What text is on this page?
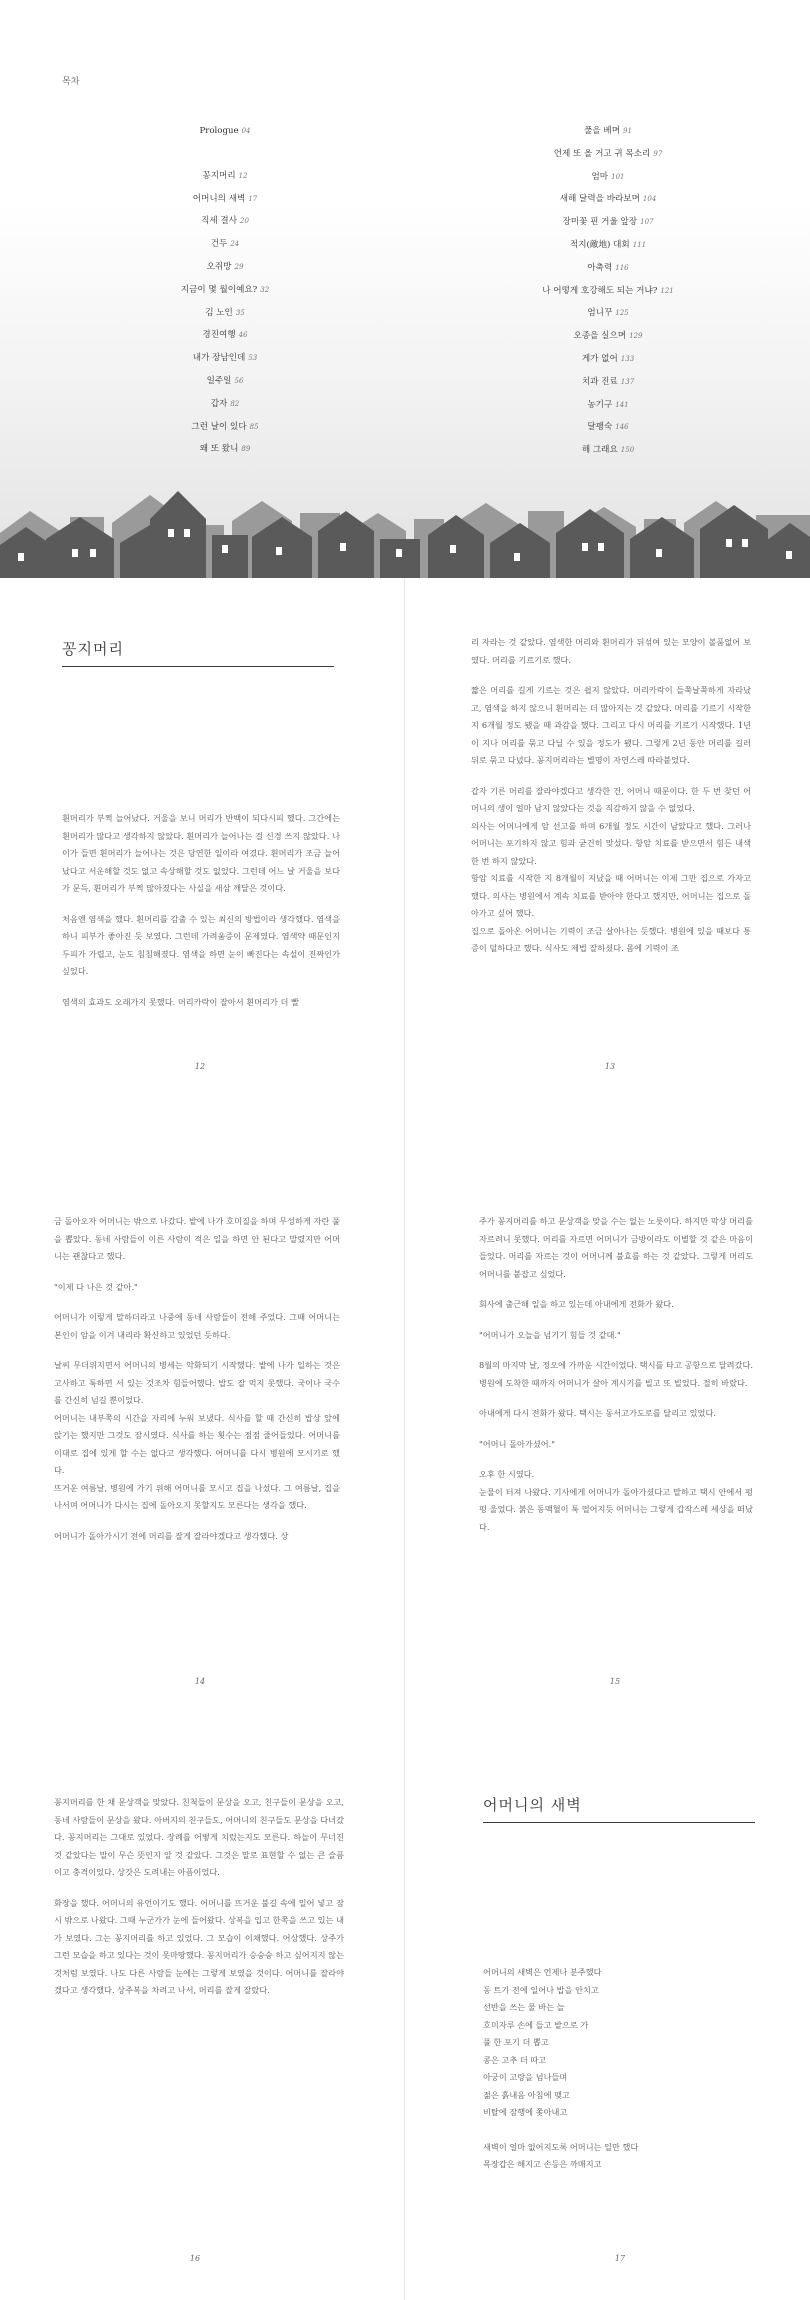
목차
Prologue 04
꽁지머리 12
어머니의 새벽 17
직세 결사 20
건두 24
오쥐방 29
지금이 몇 월이예요? 32
김 노인 35
경진여행 46
내가 장남인데 53
일주일 56
갑자 82
그런 날이 있다 85
왜 또 왔니 89
풀을 베며 91
언제 또 올 거고 귀 목소리 97
엄마 101
새해 달력을 바라보며 104
장미꽃 핀 거울 앞장 107
적지(敵地) 대회 111
아축력 116
나 어떻게 호강해도 되는 거냐? 121
엄니꾸 125
오종을 실으며 129
게가 없어 133
치과 진료 137
농기구 141
달팽숙 146
해 그래요 150
꽁지머리

흰머리가 부쩍 늘어났다. 거울을 보니 머리가 반백이 되다시피 했다. 그간에는 흰머리가 많다고 생각하지 않았다. 흰머리가 늘어나는 걸 신경 쓰지 않았다. 나이가 들면 흰머리가 늘어나는 것은 당연한 일이라 여겼다. 흰머리가 조금 늘어났다고 서운해할 것도 없고 속상해할 것도 없었다. 그런데 어느 날 거울을 보다가 문득, 흰머리가 부쩍 많아졌다는 사실을 새삼 깨달은 것이다.

처음엔 염색을 했다. 흰머리를 감출 수 있는 최신의 방법이라 생각했다. 염색을 하니 피부가 좋아진 듯 보였다. 그런데 가려움증이 문제였다. 염색약 때문인지 두피가 가렵고, 눈도 침침해졌다. 염색을 하면 눈이 빠진다는 속설이 진짜인가 싶었다.

염색의 효과도 오래가지 못했다. 머리카락이 잘아서 흰머리가 더 빨

12

리 자라는 것 같았다. 염색한 머리와 흰머리가 뒤섞여 있는 모양이 볼품없어 보였다. 머리를 기르기로 했다.

짧은 머리를 길게 기르는 것은 쉽지 않았다. 머리카락이 들쭉날쭉하게 자라났고, 염색을 하지 않으니 흰머리는 더 많아지는 것 같았다. 머리를 기르기 시작한 지 6개월 정도 됐을 때 과감을 했다. 그리고 다시 머리를 기르기 시작했다. 1년이 지나 머리를 묶고 다닐 수 있을 정도가 됐다. 그렇게 2년 동안 머리를 길러 뒤로 묶고 다녔다. 꽁지머리라는 별명이 자연스레 따라붙었다.

갑자 기른 머리를 잘라야겠다고 생각한 건, 어머니 때문이다. 한 두 번 찾던 어머니의 생이 얼마 남지 않았다는 것을 직감하지 않을 수 없었다.

의사는 어머니에게 암 선고를 하며 6개월 정도 시간이 남았다고 했다. 그러나 어머니는 포기하지 않고 힘과 굳건히 맞섰다. 항암 치료를 받으면서 힘든 내색 한 번 하지 않았다.

항암 치료를 시작한 지 8개월이 지났을 때 어머니는 이제 그만 집으로 가자고 했다. 의사는 병원에서 계속 치료를 받아야 한다고 했지만, 어머니는 집으로 돌아가고 싶어 했다.

집으로 돌아온 어머니는 기력이 조금 살아나는 듯했다. 병원에 있을 때보다 통증이 덜하다고 했다. 식사도 제법 잘하셨다. 몸에 기력이 조

13

금 돌아오자 어머니는 밖으로 나갔다. 밭에 나가 호미질을 하며 무성하게 자란 풀을 뽑았다. 동네 사람들이 이른 사람이 적은 일을 하면 안 된다고 말렸지만 어머니는 괜찮다고 했다.

"이제 다 나은 것 같아."

어머니가 이렇게 말하더라고 나중에 동네 사람들이 전해 주었다. 그때 어머니는 본인이 암을 이겨 내리라 확신하고 있었던 듯하다.

날씨 무더위지면서 어머니의 병세는 악화되기 시작했다. 밭에 나가 일하는 것은 고사하고 툭하면 서 있는 것조차 힘들어했다. 밥도 잘 먹지 못했다. 국이나 국수를 간신히 넘길 뿐이었다.

어머니는 내부쪽의 시간을 자리에 누워 보냈다. 식사를 할 때 간신히 밥상 앞에 앉기는 했지만 그것도 잠시였다. 식사를 하는 횟수는 점점 줄어들었다. 어머니를 이대로 집에 있게 할 수는 없다고 생각했다. 어머니를 다시 병원에 모시기로 했다.

뜨거운 여름날, 병원에 가기 위해 어머니를 모시고 집을 나섰다. 그 여름날, 집을 나서며 어머니가 다시는 집에 돌아오지 못할지도 모른다는 생각을 했다.

어머니가 돌아가시기 전에 머리를 잘게 잘라야겠다고 생각했다. 상

14

주가 꽁지머리를 하고 문상객을 맞을 수는 없는 노릇이다. 하지만 막상 머리를 자르려니 못했다. 머리를 자르면 어머니가 금방이라도 이별할 것 같은 마음이 들었다. 머리를 자르는 것이 어머니께 불효를 하는 것 같았다. 그렇게 머리도 어머니를 붙잡고 싶었다.

회사에 출근해 일을 하고 있는데 아내에게 전화가 왔다.

"어머니가 오늘을 넘기기 힘들 것 같대."

8월의 마지막 날, 정오에 가까운 시간이었다. 택시를 타고 공항으로 달려갔다. 병원에 도착한 때까지 어머니가 살아 계시기를 빌고 또 빌었다. 절히 바랐다.

아내에게 다시 전화가 왔다. 택시는 동서고가도로를 달리고 있었다.

"어머니 돌아가셨어."

오후 한 시였다.

눈물이 터져 나왔다. 기사에게 어머니가 돌아가셨다고 말하고 택시 안에서 펑펑 울었다. 붉은 동맥혈이 툭 떨어지듯 어머니는 그렇게 갑작스레 세상을 떠났다.

15

꽁지머리를 한 채 문상객을 맞았다. 친척들이 문상을 오고, 친구들이 문상을 오고, 동네 사람들이 문상을 왔다. 아버지의 친구들도, 어머니의 친구들도 문상을 다녀갔다. 꽁지머리는 그대로 있었다. 장례를 어떻게 치렀는지도 모른다. 하늘이 무너진 것 같았다는 말이 무슨 뜻인지 알 것 같았다. 그것은 말로 표현할 수 없는 큰 슬픔이고 충격이었다. 상갓은 도려내는 아픔이었다.

화장을 했다. 어머니의 유언이기도 했다. 어머니를 뜨거운 불길 속에 밀어 넣고 잠시 밖으로 나왔다. 그때 누군가가 눈에 들어왔다. 상복을 입고 한쪽을 쓰고 있는 내가 보였다. 그는 꽁지머리를 하고 있었다. 그 모습이 이채했다. 어상했다. 상주가 그런 모습을 하고 있다는 것이 못마땅했다. 꽁지머리가 승숭숭 하고 싶어지지 않는 것처럼 보였다. 나도 다른 사람들 눈에는 그렇게 보였을 것이다. 어머니를 잘라야겠다고 생각했다. 상주복을 차려고 나서, 머리를 잘게 잘랐다.

16
어머니의 새벽
어머니의 새벽은 언제나 분주했다
동 트기 전에 일어나 밥을 안치고
선반을 쓰는 물 바는 늘
호미자루 손에 들고 밭으로 가
풀 한 포기 더 뽑고
콩은 고추 더 따고
아궁이 고랑을 넘나들며
젊은 흙내음 아침에 맺고
비탈에 잠행에 쫓아내고
새벽이 얼마 없어지도록 어머니는 일만 했다
목장갑은 해지고 손등은 까매지고
17
